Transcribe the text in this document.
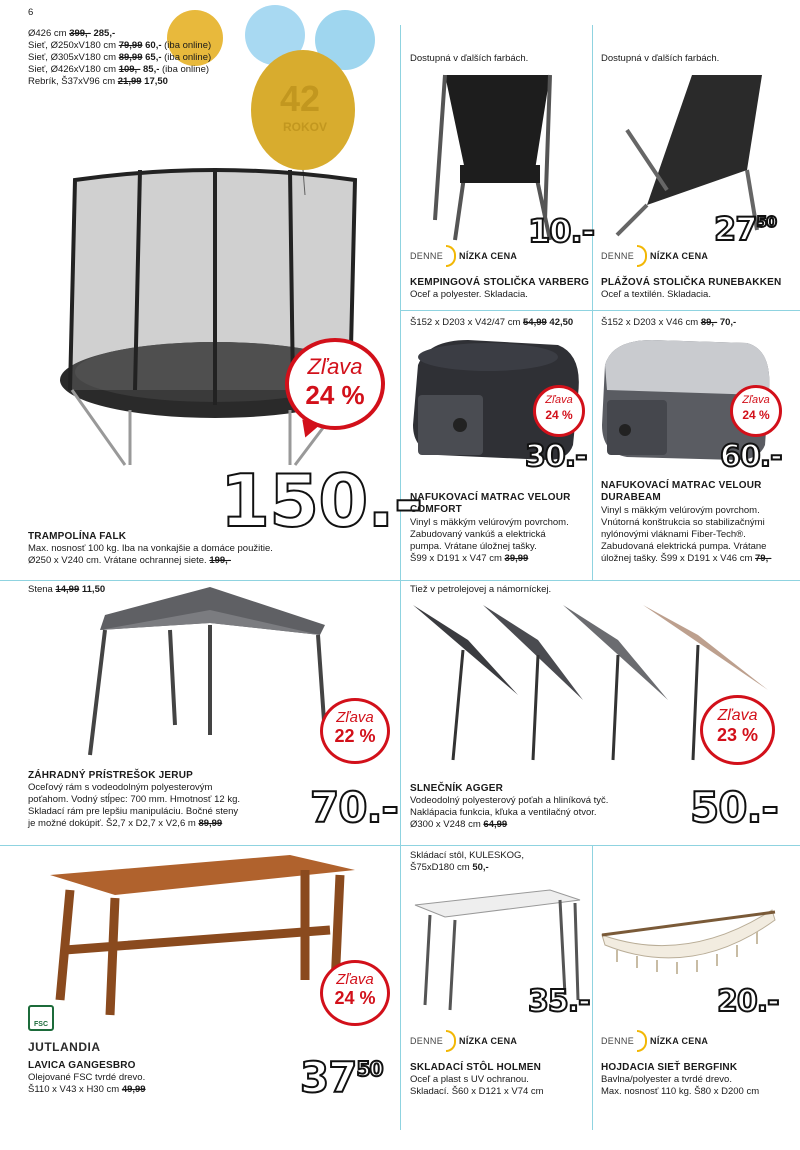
6
42
ROKOV
Ø426 cm 399,- 285,-
Sieť, Ø250xV180 cm 79,99 60,- (iba online)
Sieť, Ø305xV180 cm 89,99 65,- (iba online)
Sieť, Ø426xV180 cm 109,- 85,- (iba online)
Rebrík, Š37xV96 cm 21,99 17,50
Zľava
24 %
150.-
TRAMPOLÍNA FALK
Max. nosnosť 100 kg. Iba na vonkajšie a domáce použitie.
Ø250 x V240 cm. Vrátane ochrannej siete. 199,-
Dostupná v ďalších farbách.
10.-
DENNE NÍZKA CENA
KEMPINGOVÁ STOLIČKA VARBERG
Oceľ a polyester. Skladacia.
Dostupná v ďalších farbách.
$27^{50}$
DENNE NÍZKA CENA
PLÁŽOVÁ STOLIČKA RUNEBAKKEN
Oceľ a textilén. Skladacia.
Š152 x D203 x V42/47 cm 54,99 42,50
Zľava
24 %
30.-
NAFUKOVACÍ MATRAC VELOUR
COMFORT
Vinyl s mäkkým velúrovým povrchom.
Zabudovaný vankúš a elektrická
pumpa. Vrátane úložnej tašky.
Š99 x D191 x V47 cm 39,99
Š152 x D203 x V46 cm 89,- 70,-
Zľava
24 %
60.-
NAFUKOVACÍ MATRAC VELOUR
DURABEAM
Vinyl s mäkkým velúrovým povrchom.
Vnútorná konštrukcia so stabilizačnými
nylónovými vláknami Fiber-Tech®.
Zabudovaná elektrická pumpa. Vrátane
úložnej tašky. Š99 x D191 x V46 cm 79,-
Stena 14,99 11,50
Zľava
22 %
70.-
ZÁHRADNÝ PRÍSTREŠOK JERUP
Oceľový rám s vodeodolným polyesterovým
poťahom. Vodný stĺpec: 700 mm. Hmotnosť 12 kg.
Skladací rám pre lepšiu manipuláciu. Bočné steny
je možné dokúpiť. Š2,7 x D2,7 x V2,6 m 89,99
Tiež v petrolejovej a námorníckej.
Zľava
23 %
50.-
SLNEČNÍK AGGER
Vodeodolný polyesterový poťah a hliníková tyč.
Naklápacia funkcia, kľuka a ventilačný otvor.
Ø300 x V248 cm 64,99
Zľava
24 %
$37^{50}$
FSC
JUTLANDIA
LAVICA GANGESBRO
Olejované FSC tvrdé drevo.
Š110 x V43 x H30 cm 49,99
Skládací stôl, KULESKOG,
Š75xD180 cm 50,-
35.-
DENNE NÍZKA CENA
SKLADACÍ STÔL HOLMEN
Oceľ a plast s UV ochranou.
Skladací. Š60 x D121 x V74 cm
20.-
DENNE NÍZKA CENA
HOJDACIA SIEŤ BERGFINK
Bavlna/polyester a tvrdé drevo.
Max. nosnosť 110 kg. Š80 x D200 cm
